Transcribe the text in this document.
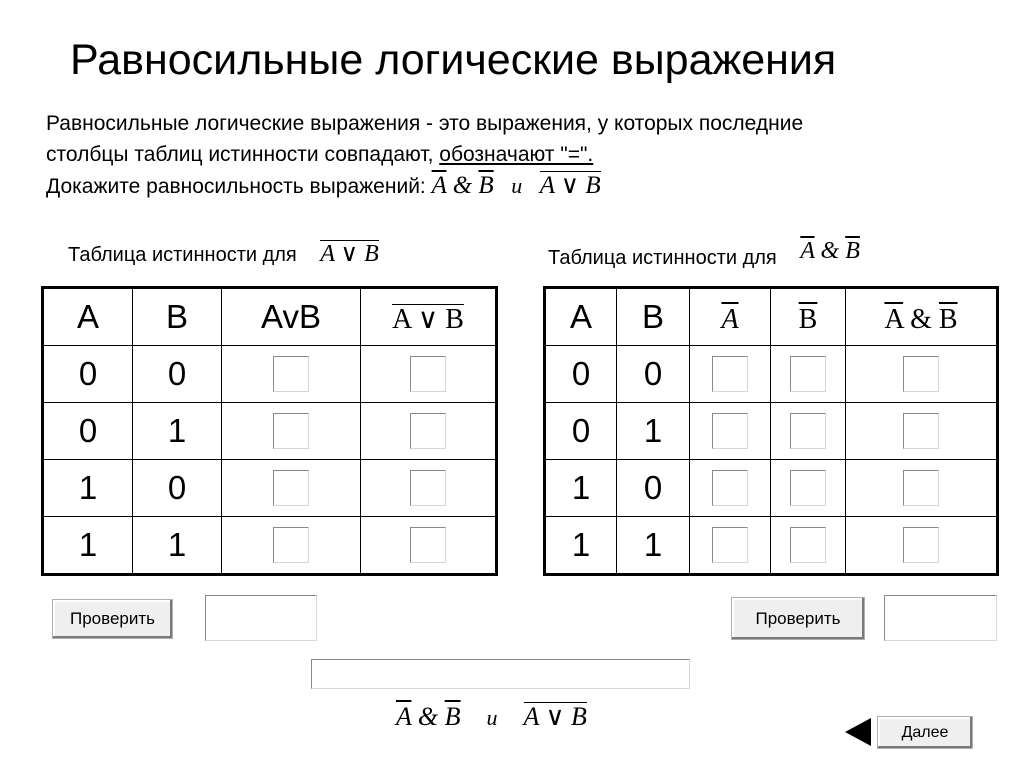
Равносильные логические выражения
Равносильные логические выражения - это выражения, у которых последние
столбцы таблиц истинности совпадают, обозначают "=".
Докажите равносильность выражений: $\overline{A}$ & $\overline{B}$ и A ∨ B
Таблица истинности для A ∨ B
A	B	AvB	A ∨ B
0	0	

0	1	

1	0	

1	1	

Таблица истинности для $\overline{A}$ & $\overline{B}$
A	B	$\overline{A}$	$\overline{B}$	$\overline{A}$ & $\overline{B}$
0	0	

0	1	

1	0	

1	1	

Проверить	Проверить
$\overline{A}$ & $\overline{B}$ и A ∨ B
Далее
